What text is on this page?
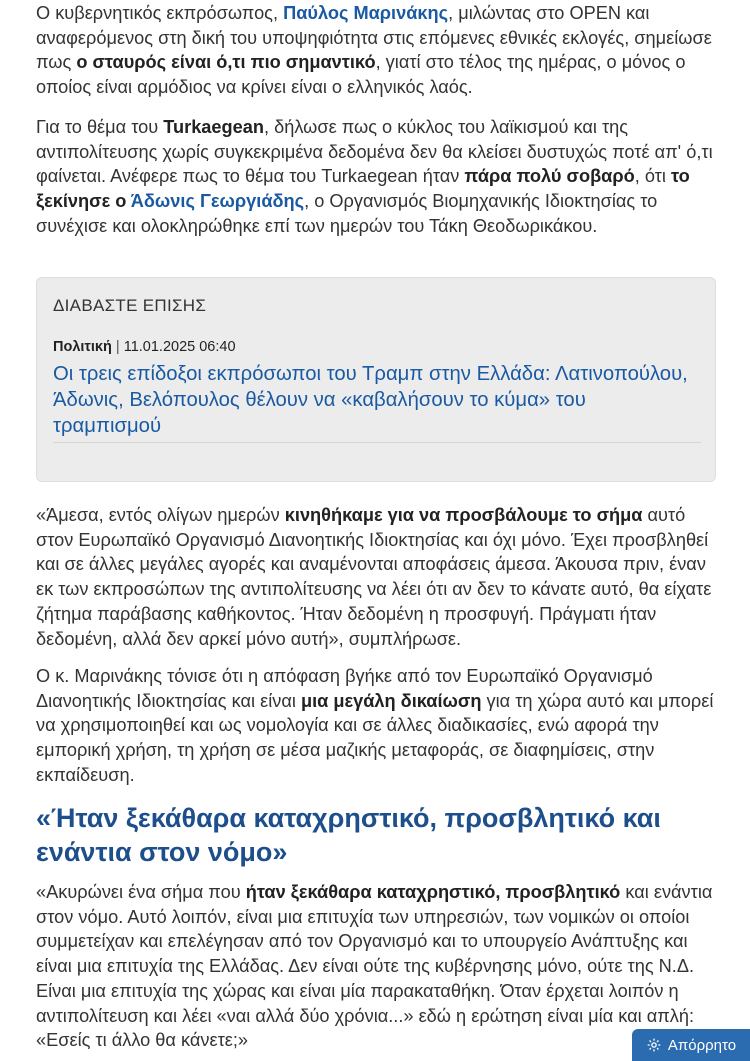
Ο κυβερνητικός εκπρόσωπος, Παύλος Μαρινάκης, μιλώντας στο OPEN και αναφερόμενος στη δική του υποψηφιότητα στις επόμενες εθνικές εκλογές, σημείωσε πως ο σταυρός είναι ό,τι πιο σημαντικό, γιατί στο τέλος της ημέρας, ο μόνος ο οποίος είναι αρμόδιος να κρίνει είναι ο ελληνικός λαός.

Για το θέμα του Turkaegean, δήλωσε πως ο κύκλος του λαϊκισμού και της αντιπολίτευσης χωρίς συγκεκριμένα δεδομένα δεν θα κλείσει δυστυχώς ποτέ απ' ό,τι φαίνεται. Ανέφερε πως το θέμα του Turkaegean ήταν πάρα πολύ σοβαρό, ότι το ξεκίνησε ο Άδωνις Γεωργιάδης, ο Οργανισμός Βιομηχανικής Ιδιοκτησίας το συνέχισε και ολοκληρώθηκε επί των ημερών του Τάκη Θεοδωρικάκου.

ΔΙΑΒΑΣΤΕ ΕΠΙΣΗΣ
Πολιτική | 11.01.2025 06:40
Οι τρεις επίδοξοι εκπρόσωποι του Τραμπ στην Ελλάδα: Λατινοπούλου, Άδωνις, Βελόπουλος θέλουν να «καβαλήσουν το κύμα» του τραμπισμού

«Άμεσα, εντός ολίγων ημερών κινηθήκαμε για να προσβάλουμε το σήμα αυτό στον Ευρωπαϊκό Οργανισμό Διανοητικής Ιδιοκτησίας και όχι μόνο. Έχει προσβληθεί και σε άλλες μεγάλες αγορές και αναμένονται αποφάσεις άμεσα. Άκουσα πριν, έναν εκ των εκπροσώπων της αντιπολίτευσης να λέει ότι αν δεν το κάνατε αυτό, θα είχατε ζήτημα παράβασης καθήκοντος. Ήταν δεδομένη η προσφυγή. Πράγματι ήταν δεδομένη, αλλά δεν αρκεί μόνο αυτή», συμπλήρωσε.

Ο κ. Μαρινάκης τόνισε ότι η απόφαση βγήκε από τον Ευρωπαϊκό Οργανισμό Διανοητικής Ιδιοκτησίας και είναι μια μεγάλη δικαίωση για τη χώρα αυτό και μπορεί να χρησιμοποιηθεί και ως νομολογία και σε άλλες διαδικασίες, ενώ αφορά την εμπορική χρήση, τη χρήση σε μέσα μαζικής μεταφοράς, σε διαφημίσεις, στην εκπαίδευση.

«Ήταν ξεκάθαρα καταχρηστικό, προσβλητικό και ενάντια στον νόμο»

«Ακυρώνει ένα σήμα που ήταν ξεκάθαρα καταχρηστικό, προσβλητικό και ενάντια στον νόμο. Αυτό λοιπόν, είναι μια επιτυχία των υπηρεσιών, των νομικών οι οποίοι συμμετείχαν και επελέγησαν από τον Οργανισμό και το υπουργείο Ανάπτυξης και είναι μια επιτυχία της Ελλάδας. Δεν είναι ούτε της κυβέρνησης μόνο, ούτε της Ν.Δ. Είναι μια επιτυχία της χώρας και είναι μία παρακαταθήκη. Όταν έρχεται λοιπόν η αντιπολίτευση και λέει «ναι αλλά δύο χρόνια...» εδώ η ερώτηση είναι μία και απλή: «Εσείς τι άλλο θα κάνετε;»	Απόρρητο
